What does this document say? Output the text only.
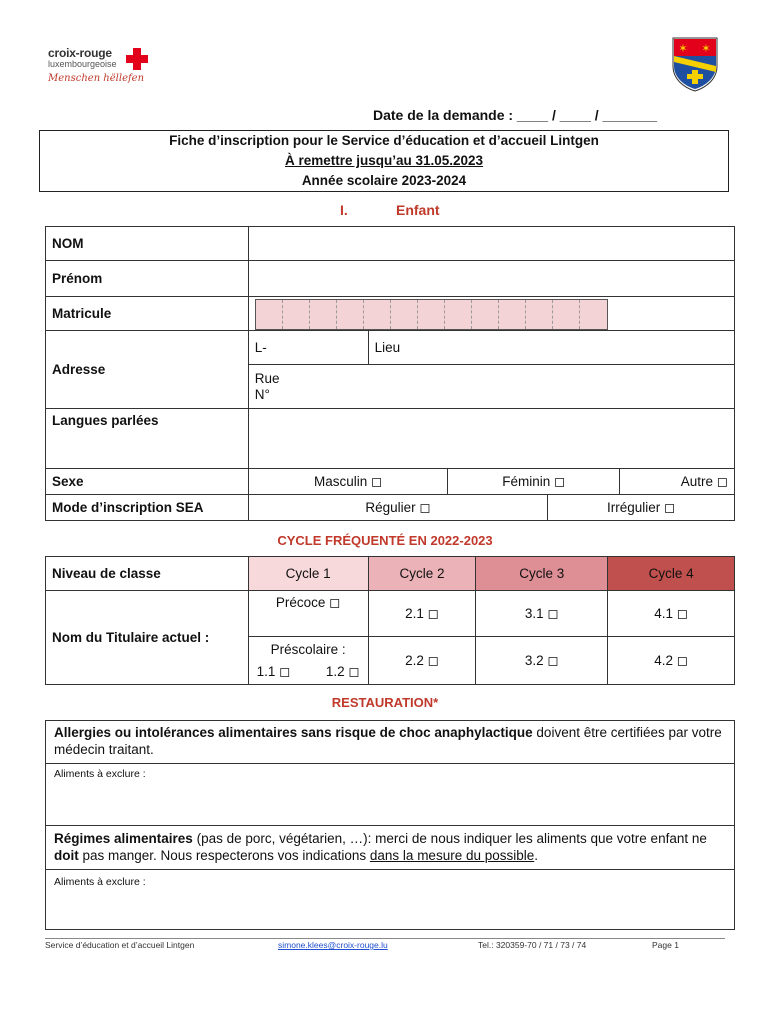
croix-rouge
luxembourgeoise
Menschen hëllefen
✶ ✶
Date de la demande : ____ / ____ / _______
Fiche d’inscription pour le Service d’éducation et d’accueil Lintgen
À remettre jusqu’au 31.05.2023
Année scolaire 2023-2024
I.	Enfant
NOM					
Prénom					
Matricule					
Adresse	L-	Lieu			

	Rue
N°				

Langues parlées					
Sexe	Masculin ◻		Féminin ◻		Autre ◻
Mode d’inscription SEA	Régulier ◻			Irrégulier ◻	
CYCLE FRÉQUENTÉ EN 2022-2023
Niveau de classe	Cycle 1	Cycle 2	Cycle 3	Cycle 4
Nom du Titulaire actuel :	Précoce ◻	2.1 ◻	3.1 ◻	4.1 ◻

	Préscolaire :
1.1 ◻ 1.2 ◻	2.2 ◻	3.2 ◻	4.2 ◻
RESTAURATION*
Allergies ou intolérances alimentaires sans risque de choc anaphylactique doivent être certifiées par votre médecin traitant.
Aliments à exclure :
Régimes alimentaires (pas de porc, végétarien, …): merci de nous indiquer les aliments que votre enfant ne doit pas manger. Nous respecterons vos indications dans la mesure du possible.
Aliments à exclure :
Service d’éducation et d’accueil Lintgen	simone.klees@croix-rouge.lu	Tel.: 320359-70 / 71 / 73 / 74	Page 1
